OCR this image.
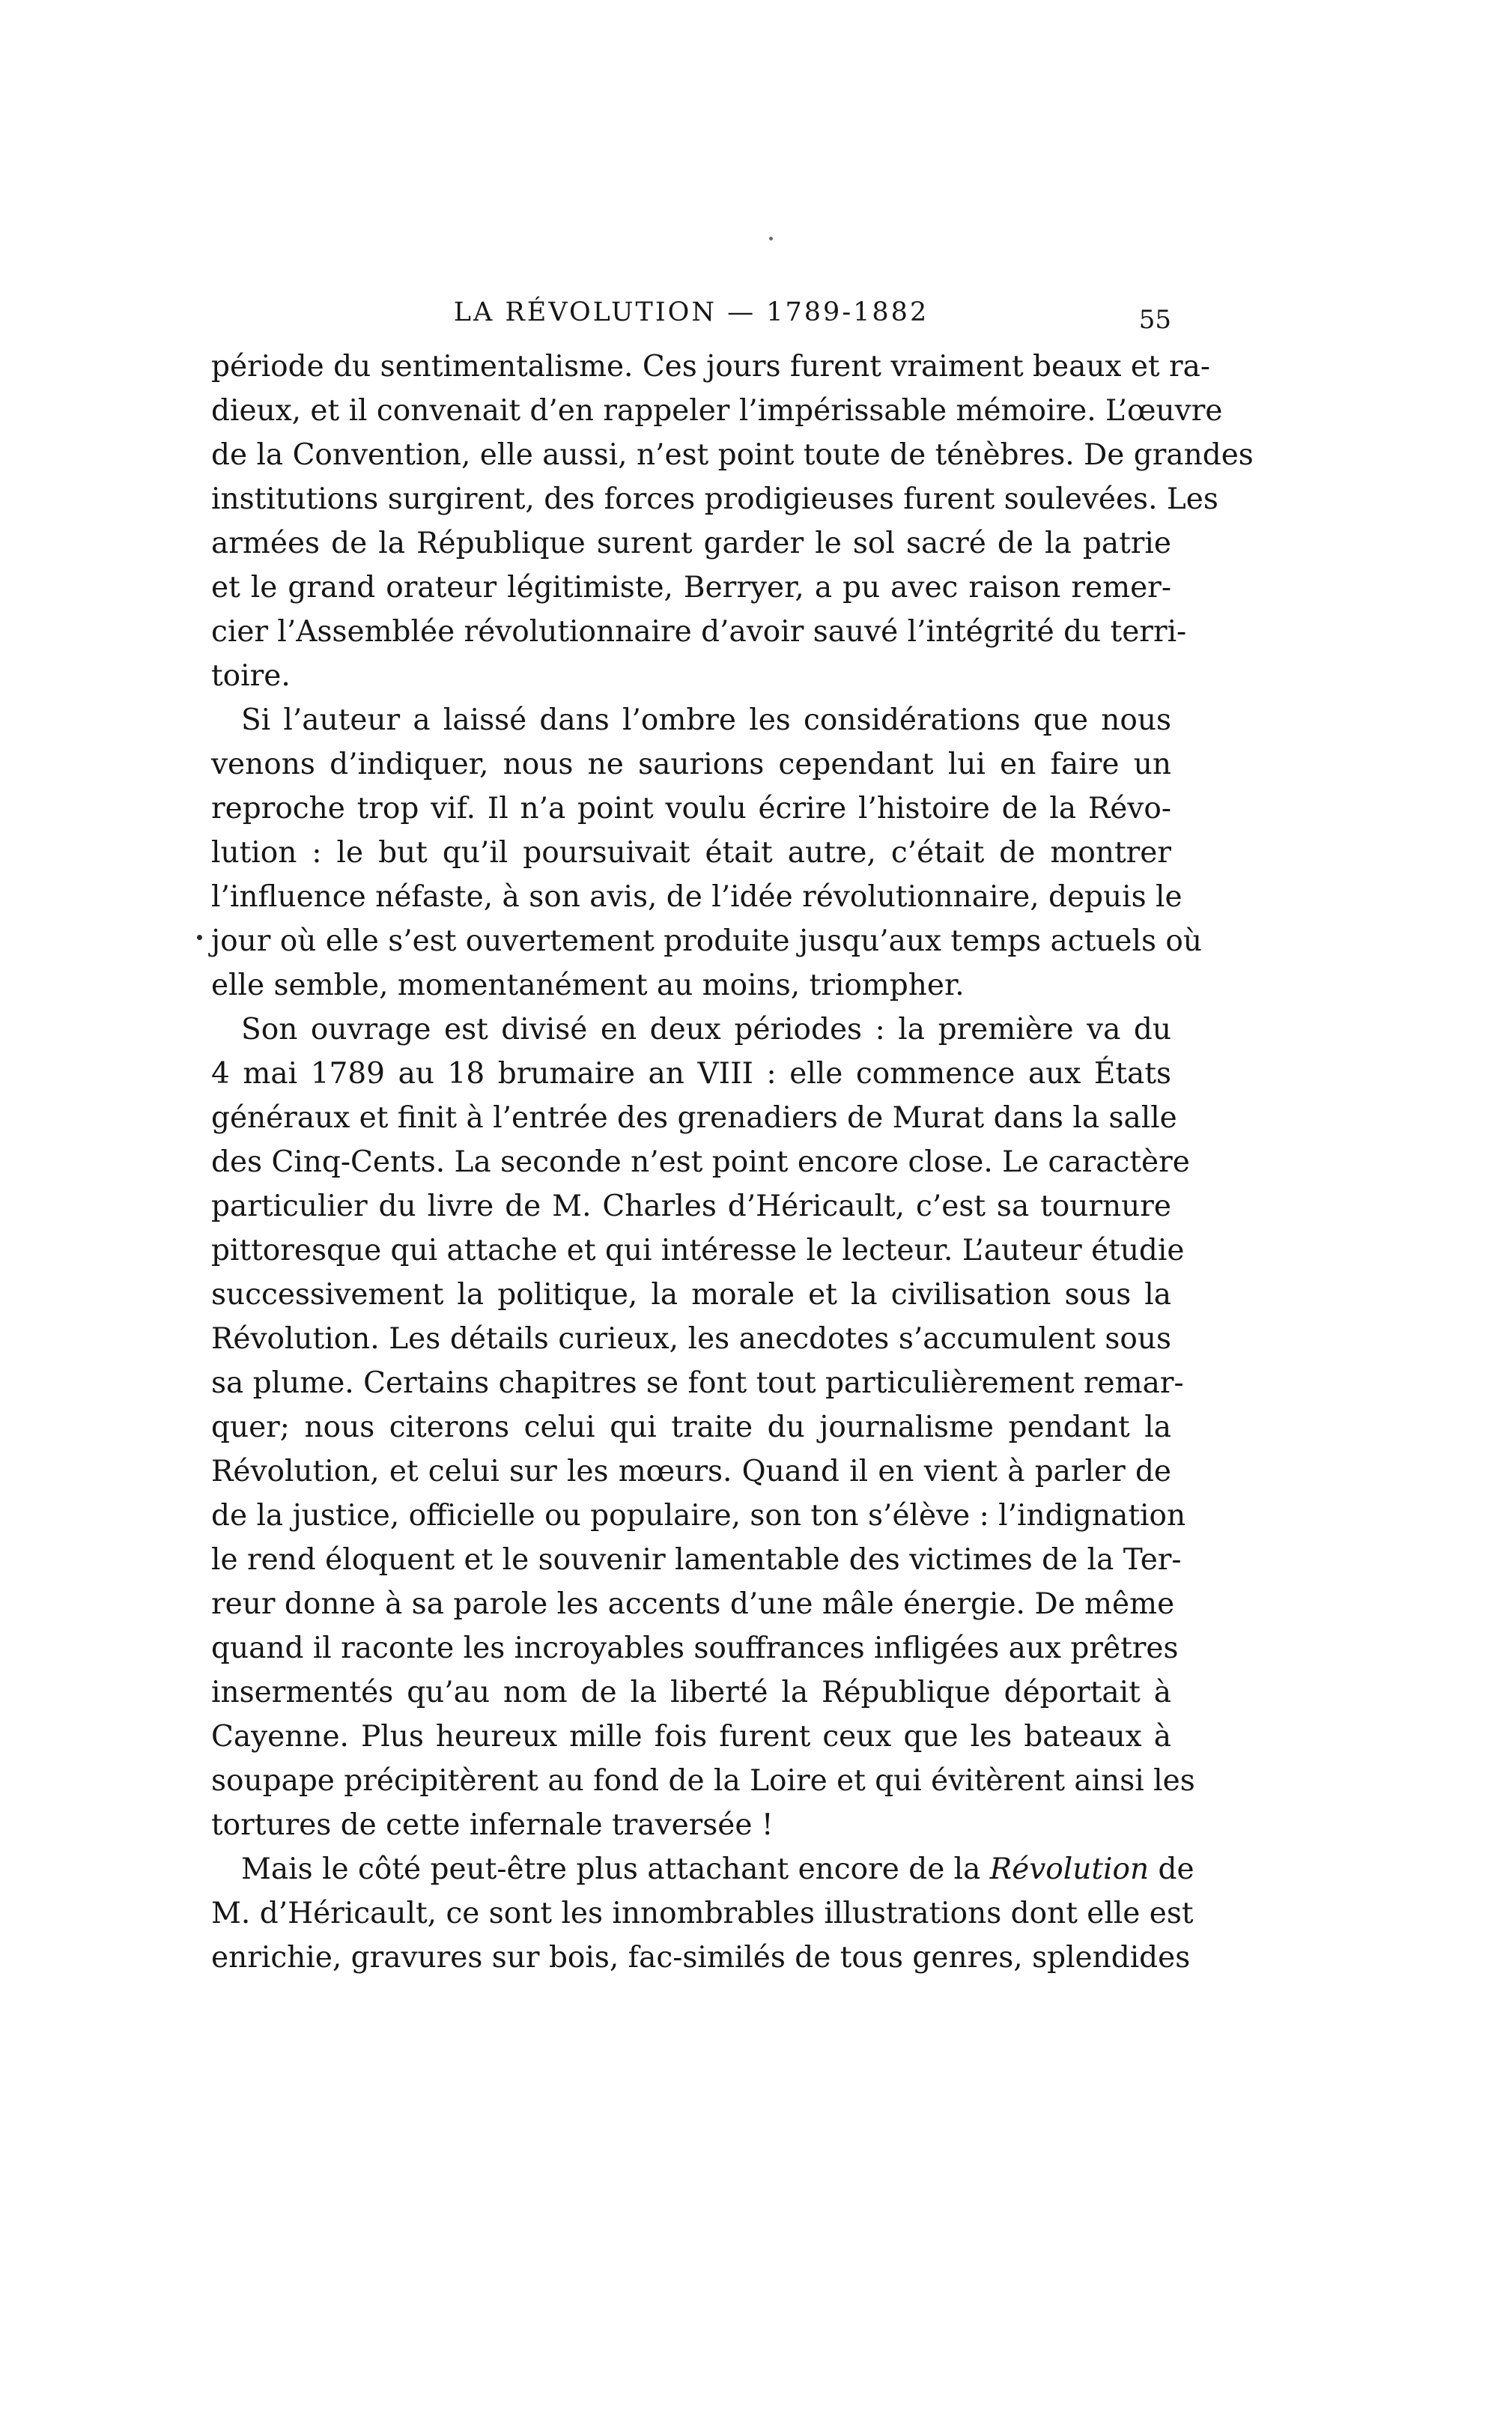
LA RÉVOLUTION — 1789-1882	55
période du sentimentalisme. Ces jours furent vraiment beaux et ra-
dieux, et il convenait d’en rappeler l’impérissable mémoire. L’œuvre
de la Convention, elle aussi, n’est point toute de ténèbres. De grandes
institutions surgirent, des forces prodigieuses furent soulevées. Les
armées de la République surent garder le sol sacré de la patrie
et le grand orateur légitimiste, Berryer, a pu avec raison remer-
cier l’Assemblée révolutionnaire d’avoir sauvé l’intégrité du terri-
toire.
Si l’auteur a laissé dans l’ombre les considérations que nous
venons d’indiquer, nous ne saurions cependant lui en faire un
reproche trop vif. Il n’a point voulu écrire l’histoire de la Révo-
lution : le but qu’il poursuivait était autre, c’était de montrer
l’influence néfaste, à son avis, de l’idée révolutionnaire, depuis le
jour où elle s’est ouvertement produite jusqu’aux temps actuels où
elle semble, momentanément au moins, triompher.
Son ouvrage est divisé en deux périodes : la première va du
4 mai 1789 au 18 brumaire an VIII : elle commence aux États
généraux et finit à l’entrée des grenadiers de Murat dans la salle
des Cinq-Cents. La seconde n’est point encore close. Le caractère
particulier du livre de M. Charles d’Héricault, c’est sa tournure
pittoresque qui attache et qui intéresse le lecteur. L’auteur étudie
successivement la politique, la morale et la civilisation sous la
Révolution. Les détails curieux, les anecdotes s’accumulent sous
sa plume. Certains chapitres se font tout particulièrement remar-
quer; nous citerons celui qui traite du journalisme pendant la
Révolution, et celui sur les mœurs. Quand il en vient à parler de
de la justice, officielle ou populaire, son ton s’élève : l’indignation
le rend éloquent et le souvenir lamentable des victimes de la Ter-
reur donne à sa parole les accents d’une mâle énergie. De même
quand il raconte les incroyables souffrances infligées aux prêtres
insermentés qu’au nom de la liberté la République déportait à
Cayenne. Plus heureux mille fois furent ceux que les bateaux à
soupape précipitèrent au fond de la Loire et qui évitèrent ainsi les
tortures de cette infernale traversée !
Mais le côté peut-être plus attachant encore de la Révolution de
M. d’Héricault, ce sont les innombrables illustrations dont elle est
enrichie, gravures sur bois, fac-similés de tous genres, splendides
